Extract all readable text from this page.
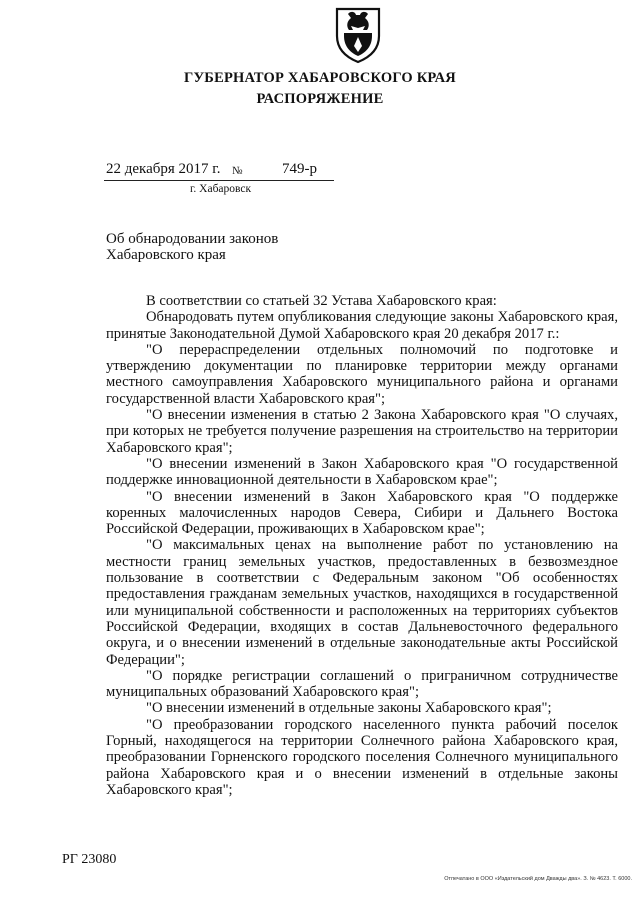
ГУБЕРНАТОР ХАБАРОВСКОГО КРАЯ
РАСПОРЯЖЕНИЕ
22 декабря 2017 г. №	749-р
г. Хабаровск
Об обнародовании законов
Хабаровского края

В соответствии со статьей 32 Устава Хабаровского края:

Обнародовать путем опубликования следующие законы Хабаровского края, принятые Законодательной Думой Хабаровского края 20 декабря 2017 г.:

"О перераспределении отдельных полномочий по подготовке и утверждению документации по планировке территории между органами местного самоуправления Хабаровского муниципального района и органами государственной власти Хабаровского края";

"О внесении изменения в статью 2 Закона Хабаровского края "О случаях, при которых не требуется получение разрешения на строительство на территории Хабаровского края";

"О внесении изменений в Закон Хабаровского края "О государственной поддержке инновационной деятельности в Хабаровском крае";

"О внесении изменений в Закон Хабаровского края "О поддержке коренных малочисленных народов Севера, Сибири и Дальнего Востока Российской Федерации, проживающих в Хабаровском крае";

"О максимальных ценах на выполнение работ по установлению на местности границ земельных участков, предоставленных в безвозмездное пользование в соответствии с Федеральным законом "Об особенностях предоставления гражданам земельных участков, находящихся в государственной или муниципальной собственности и расположенных на территориях субъектов Российской Федерации, входящих в состав Дальневосточного федерального округа, и о внесении изменений в отдельные законодательные акты Российской Федерации";

"О порядке регистрации соглашений о приграничном сотрудничестве муниципальных образований Хабаровского края";

"О внесении изменений в отдельные законы Хабаровского края";

"О преобразовании городского населенного пункта рабочий поселок Горный, находящегося на территории Солнечного района Хабаровского края, преобразовании Горненского городского поселения Солнечного муниципального района Хабаровского края и о внесении изменений в отдельные законы Хабаровского края";

РГ 23080
Отпечатано в ООО «Издательский дом Дважды два». З. № 4623. Т. 6000.
